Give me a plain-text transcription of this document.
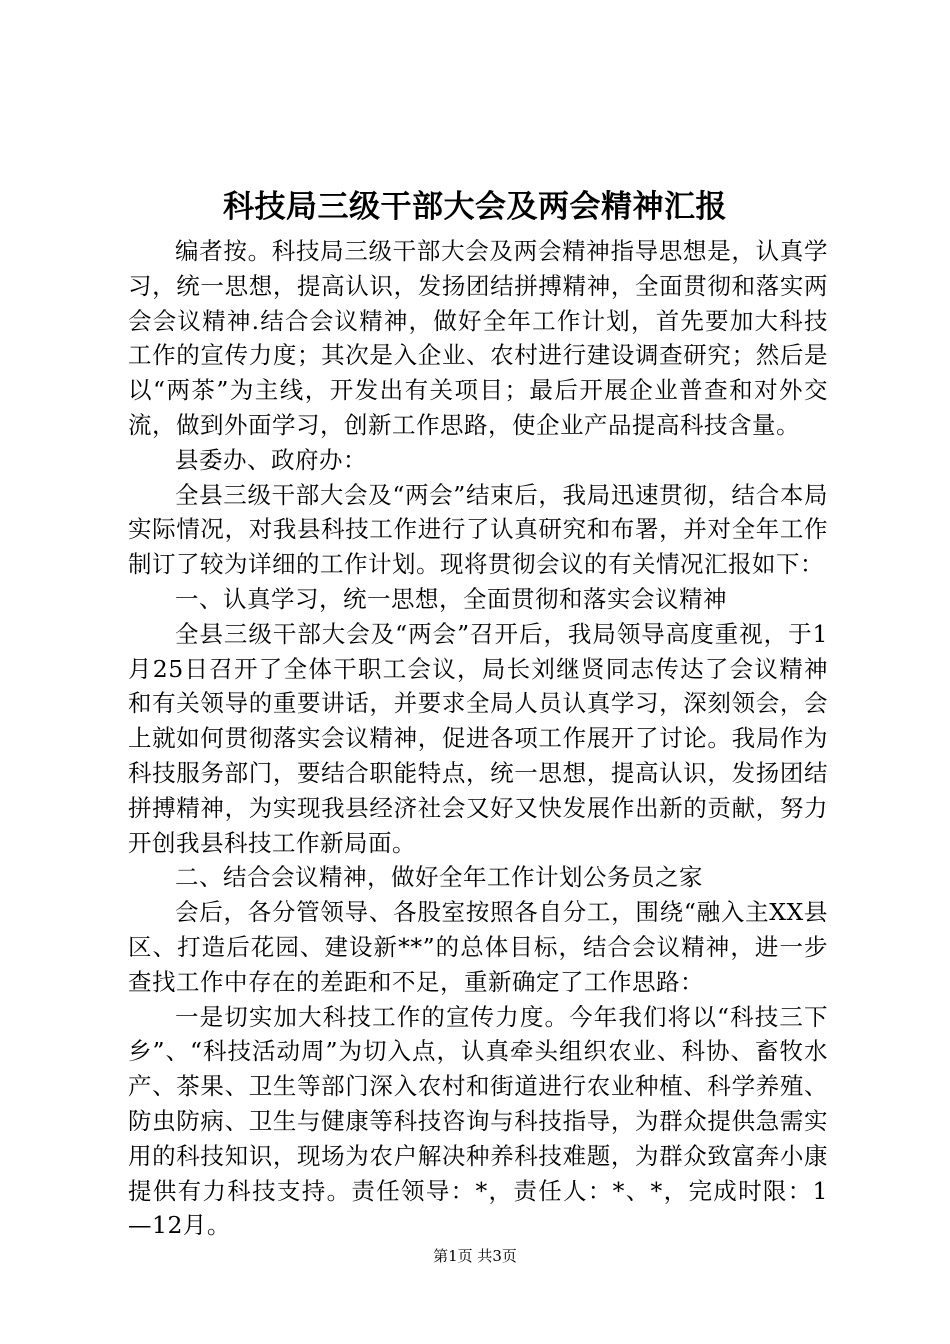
科技局三级干部大会及两会精神汇报

编者按。科技局三级干部大会及两会精神指导思想是，认真学习，统一思想，提高认识，发扬团结拼搏精神，全面贯彻和落实两会会议精神.结合会议精神，做好全年工作计划，首先要加大科技工作的宣传力度；其次是入企业、农村进行建设调查研究；然后是以“两茶”为主线，开发出有关项目；最后开展企业普查和对外交流，做到外面学习，创新工作思路，使企业产品提高科技含量。

县委办、政府办：

全县三级干部大会及“两会”结束后，我局迅速贯彻，结合本局实际情况，对我县科技工作进行了认真研究和布署，并对全年工作制订了较为详细的工作计划。现将贯彻会议的有关情况汇报如下：

一、认真学习，统一思想，全面贯彻和落实会议精神

全县三级干部大会及“两会”召开后，我局领导高度重视，于1月25日召开了全体干职工会议，局长刘继贤同志传达了会议精神和有关领导的重要讲话，并要求全局人员认真学习，深刻领会，会上就如何贯彻落实会议精神，促进各项工作展开了讨论。我局作为科技服务部门，要结合职能特点，统一思想，提高认识，发扬团结拼搏精神，为实现我县经济社会又好又快发展作出新的贡献，努力开创我县科技工作新局面。

二、结合会议精神，做好全年工作计划公务员之家

会后，各分管领导、各股室按照各自分工，围绕“融入主XX县区、打造后花园、建设新**”的总体目标，结合会议精神，进一步查找工作中存在的差距和不足，重新确定了工作思路：

一是切实加大科技工作的宣传力度。今年我们将以“科技三下乡”、“科技活动周”为切入点，认真牵头组织农业、科协、畜牧水产、茶果、卫生等部门深入农村和街道进行农业种植、科学养殖、防虫防病、卫生与健康等科技咨询与科技指导，为群众提供急需实用的科技知识，现场为农户解决种养科技难题，为群众致富奔小康提供有力科技支持。责任领导：*，责任人：*、*，完成时限：1—12月。

第1页 共3页
